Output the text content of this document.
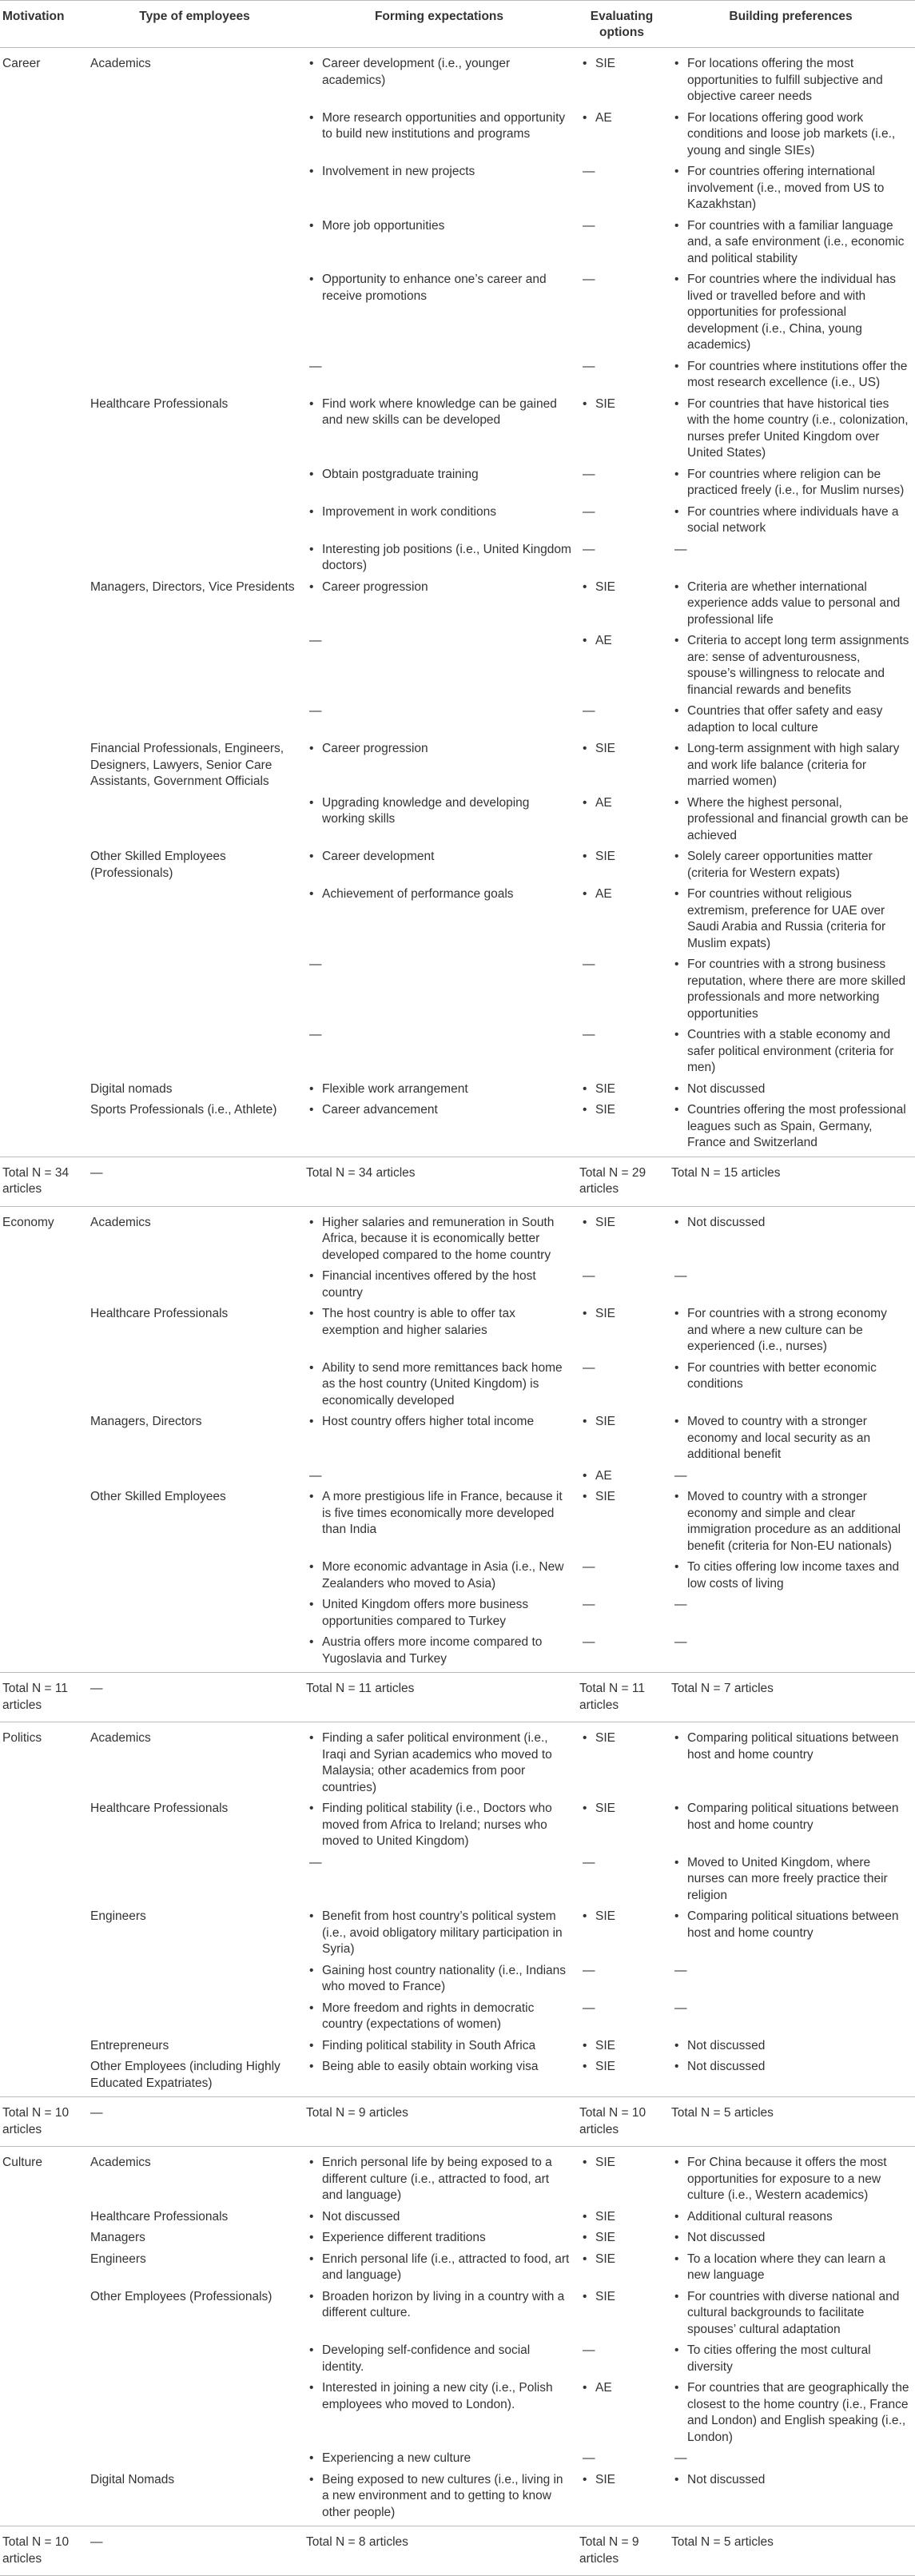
Motivation	Type of employees	Forming expectations	Evaluating options	Building preferences
Career	Academics	• Career development (i.e., younger academics)	• SIE	• For locations offering the most opportunities to fulfill subjective and objective career needs

		• More research opportunities and opportunity to build new institutions and programs	• AE	• For locations offering good work conditions and loose job markets (i.e., young and single SIEs)

		• Involvement in new projects	—	• For countries offering international involvement (i.e., moved from US to Kazakhstan)

		• More job opportunities	—	• For countries with a familiar language and, a safe environment (i.e., economic and political stability

		• Opportunity to enhance one’s career and receive promotions	—	• For countries where the individual has lived or travelled before and with opportunities for professional development (i.e., China, young academics)

		—	—	• For countries where institutions offer the most research excellence (i.e., US)

	Healthcare Professionals	• Find work where knowledge can be gained and new skills can be developed	• SIE	• For countries that have historical ties with the home country (i.e., colonization, nurses prefer United Kingdom over United States)

		• Obtain postgraduate training	—	• For countries where religion can be practiced freely (i.e., for Muslim nurses)

		• Improvement in work conditions	—	• For countries where individuals have a social network

		• Interesting job positions (i.e., United Kingdom doctors)	—	—
	Managers, Directors, Vice Presidents	• Career progression	• SIE	• Criteria are whether international experience adds value to personal and professional life

		—	• AE	• Criteria to accept long term assignments are: sense of adventurousness, spouse’s willingness to relocate and financial rewards and benefits

		—	—	• Countries that offer safety and easy adaption to local culture

	Financial Professionals, Engineers, Designers, Lawyers, Senior Care Assistants, Government Officials	• Career progression	• SIE	• Long-term assignment with high salary and work life balance (criteria for married women)

		• Upgrading knowledge and developing working skills	• AE	• Where the highest personal, professional and financial growth can be achieved

	Other Skilled Employees (Professionals)	• Career development	• SIE	• Solely career opportunities matter (criteria for Western expats)

		• Achievement of performance goals	• AE	• For countries without religious extremism, preference for UAE over Saudi Arabia and Russia (criteria for Muslim expats)

		—	—	• For countries with a strong business reputation, where there are more skilled professionals and more networking opportunities

		—	—	• Countries with a stable economy and safer political environment (criteria for men)

	Digital nomads	• Flexible work arrangement	• SIE	• Not discussed

	Sports Professionals (i.e., Athlete)	• Career advancement	• SIE	• Countries offering the most professional leagues such as Spain, Germany, France and Switzerland

Total N = 34 articles	—	Total N = 34 articles	Total N = 29 articles	Total N = 15 articles
Economy	Academics	• Higher salaries and remuneration in South Africa, because it is economically better developed compared to the home country	• SIE	• Not discussed

		• Financial incentives offered by the host country	—	—
	Healthcare Professionals	• The host country is able to offer tax exemption and higher salaries	• SIE	• For countries with a strong economy and where a new culture can be experienced (i.e., nurses)

		• Ability to send more remittances back home as the host country (United Kingdom) is economically developed	—	• For countries with better economic conditions

	Managers, Directors	• Host country offers higher total income	• SIE	• Moved to country with a stronger economy and local security as an additional benefit

		—	• AE	—
	Other Skilled Employees	• A more prestigious life in France, because it is five times economically more developed than India	• SIE	• Moved to country with a stronger economy and simple and clear immigration procedure as an additional benefit (criteria for Non-EU nationals)

		• More economic advantage in Asia (i.e., New Zealanders who moved to Asia)	—	• To cities offering low income taxes and low costs of living

		• United Kingdom offers more business opportunities compared to Turkey	—	—

		• Austria offers more income compared to Yugoslavia and Turkey	—	—
Total N = 11 articles	—	Total N = 11 articles	Total N = 11 articles	Total N = 7 articles
Politics	Academics	• Finding a safer political environment (i.e., Iraqi and Syrian academics who moved to Malaysia; other academics from poor countries)	• SIE	• Comparing political situations between host and home country

	Healthcare Professionals	• Finding political stability (i.e., Doctors who moved from Africa to Ireland; nurses who moved to United Kingdom)	• SIE	• Comparing political situations between host and home country

		—	—	• Moved to United Kingdom, where nurses can more freely practice their religion

	Engineers	• Benefit from host country’s political system (i.e., avoid obligatory military participation in Syria)	• SIE	• Comparing political situations between host and home country

		• Gaining host country nationality (i.e., Indians who moved to France)	—	—

		• More freedom and rights in democratic country (expectations of women)	—	—
	Entrepreneurs	• Finding political stability in South Africa	• SIE	• Not discussed

	Other Employees (including Highly Educated Expatriates)	• Being able to easily obtain working visa	• SIE	• Not discussed

Total N = 10 articles	—	Total N = 9 articles	Total N = 10 articles	Total N = 5 articles
Culture	Academics	• Enrich personal life by being exposed to a different culture (i.e., attracted to food, art and language)	• SIE	• For China because it offers the most opportunities for exposure to a new culture (i.e., Western academics)

	Healthcare Professionals	• Not discussed	• SIE	• Additional cultural reasons

	Managers	• Experience different traditions	• SIE	• Not discussed

	Engineers	• Enrich personal life (i.e., attracted to food, art and language)	• SIE	• To a location where they can learn a new language

	Other Employees (Professionals)	• Broaden horizon by living in a country with a different culture.	• SIE	• For countries with diverse national and cultural backgrounds to facilitate spouses’ cultural adaptation

		• Developing self-confidence and social identity.	—	• To cities offering the most cultural diversity

		• Interested in joining a new city (i.e., Polish employees who moved to London).	• AE	• For countries that are geographically the closest to the home country (i.e., France and London) and English speaking (i.e., London)

		• Experiencing a new culture	—	—
	Digital Nomads	• Being exposed to new cultures (i.e., living in a new environment and to getting to know other people)	• SIE	• Not discussed

Total N = 10 articles	—	Total N = 8 articles	Total N = 9 articles	Total N = 5 articles
